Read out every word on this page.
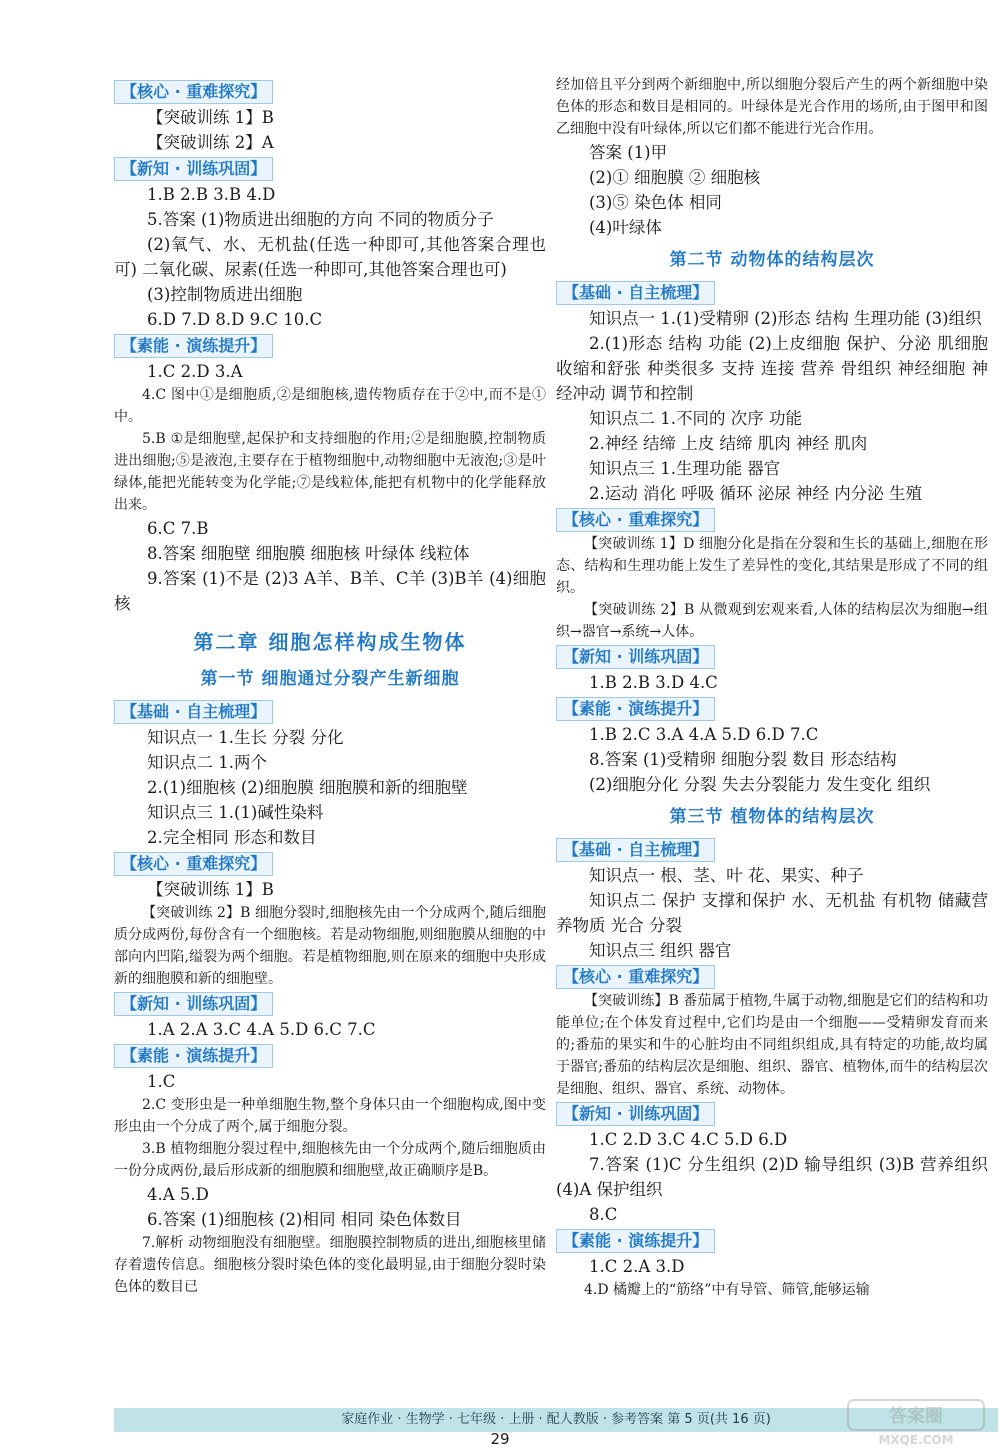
【核心 · 重难探究】

【突破训练 1】B

【突破训练 2】A

【新知 · 训练巩固】

1.B 2.B 3.B 4.D

5.答案 (1)物质进出细胞的方向 不同的物质分子

(2)氧气、水、无机盐(任选一种即可,其他答案合理也可) 二氧化碳、尿素(任选一种即可,其他答案合理也可)

(3)控制物质进出细胞

6.D 7.D 8.D 9.C 10.C

【素能 · 演练提升】

1.C 2.D 3.A

4.C 图中①是细胞质,②是细胞核,遗传物质存在于②中,而不是①中。

5.B ①是细胞壁,起保护和支持细胞的作用;②是细胞膜,控制物质进出细胞;⑤是液泡,主要存在于植物细胞中,动物细胞中无液泡;③是叶绿体,能把光能转变为化学能;⑦是线粒体,能把有机物中的化学能释放出来。

6.C 7.B

8.答案 细胞壁 细胞膜 细胞核 叶绿体 线粒体

9.答案 (1)不是 (2)3 A羊、B羊、C羊 (3)B羊 (4)细胞核

第二章 细胞怎样构成生物体
第一节 细胞通过分裂产生新细胞
【基础 · 自主梳理】

知识点一 1.生长 分裂 分化

知识点二 1.两个

2.(1)细胞核 (2)细胞膜 细胞膜和新的细胞壁

知识点三 1.(1)碱性染料

2.完全相同 形态和数目

【核心 · 重难探究】

【突破训练 1】B

【突破训练 2】B 细胞分裂时,细胞核先由一个分成两个,随后细胞质分成两份,每份含有一个细胞核。若是动物细胞,则细胞膜从细胞的中部向内凹陷,缢裂为两个细胞。若是植物细胞,则在原来的细胞中央形成新的细胞膜和新的细胞壁。

【新知 · 训练巩固】

1.A 2.A 3.C 4.A 5.D 6.C 7.C

【素能 · 演练提升】

1.C

2.C 变形虫是一种单细胞生物,整个身体只由一个细胞构成,图中变形虫由一个分成了两个,属于细胞分裂。

3.B 植物细胞分裂过程中,细胞核先由一个分成两个,随后细胞质由一份分成两份,最后形成新的细胞膜和细胞壁,故正确顺序是B。

4.A 5.D

6.答案 (1)细胞核 (2)相同 相同 染色体数目

7.解析 动物细胞没有细胞壁。细胞膜控制物质的进出,细胞核里储存着遗传信息。细胞核分裂时染色体的变化最明显,由于细胞分裂时染色体的数目已

经加倍且平分到两个新细胞中,所以细胞分裂后产生的两个新细胞中染色体的形态和数目是相同的。叶绿体是光合作用的场所,由于图甲和图乙细胞中没有叶绿体,所以它们都不能进行光合作用。

答案 (1)甲

(2)① 细胞膜 ② 细胞核

(3)⑤ 染色体 相同

(4)叶绿体

第二节 动物体的结构层次
【基础 · 自主梳理】

知识点一 1.(1)受精卵 (2)形态 结构 生理功能 (3)组织

2.(1)形态 结构 功能 (2)上皮细胞 保护、分泌 肌细胞 收缩和舒张 种类很多 支持 连接 营养 骨组织 神经细胞 神经冲动 调节和控制

知识点二 1.不同的 次序 功能

2.神经 结缔 上皮 结缔 肌肉 神经 肌肉

知识点三 1.生理功能 器官

2.运动 消化 呼吸 循环 泌尿 神经 内分泌 生殖

【核心 · 重难探究】

【突破训练 1】D 细胞分化是指在分裂和生长的基础上,细胞在形态、结构和生理功能上发生了差异性的变化,其结果是形成了不同的组织。

【突破训练 2】B 从微观到宏观来看,人体的结构层次为细胞→组织→器官→系统→人体。

【新知 · 训练巩固】

1.B 2.B 3.D 4.C

【素能 · 演练提升】

1.B 2.C 3.A 4.A 5.D 6.D 7.C

8.答案 (1)受精卵 细胞分裂 数目 形态结构

(2)细胞分化 分裂 失去分裂能力 发生变化 组织

第三节 植物体的结构层次
【基础 · 自主梳理】

知识点一 根、茎、叶 花、果实、种子

知识点二 保护 支撑和保护 水、无机盐 有机物 储藏营养物质 光合 分裂

知识点三 组织 器官

【核心 · 重难探究】

【突破训练】B 番茄属于植物,牛属于动物,细胞是它们的结构和功能单位;在个体发育过程中,它们均是由一个细胞——受精卵发育而来的;番茄的果实和牛的心脏均由不同组织组成,具有特定的功能,故均属于器官;番茄的结构层次是细胞、组织、器官、植物体,而牛的结构层次是细胞、组织、器官、系统、动物体。

【新知 · 训练巩固】

1.C 2.D 3.C 4.C 5.D 6.D

7.答案 (1)C 分生组织 (2)D 输导组织 (3)B 营养组织 (4)A 保护组织

8.C

【素能 · 演练提升】

1.C 2.A 3.D

4.D 橘瓣上的“筋络”中有导管、筛管,能够运输

家庭作业 · 生物学 · 七年级 · 上册 · 配人教版 · 参考答案 第 5 页(共 16 页)
29
答案圈
MXQE.COM
